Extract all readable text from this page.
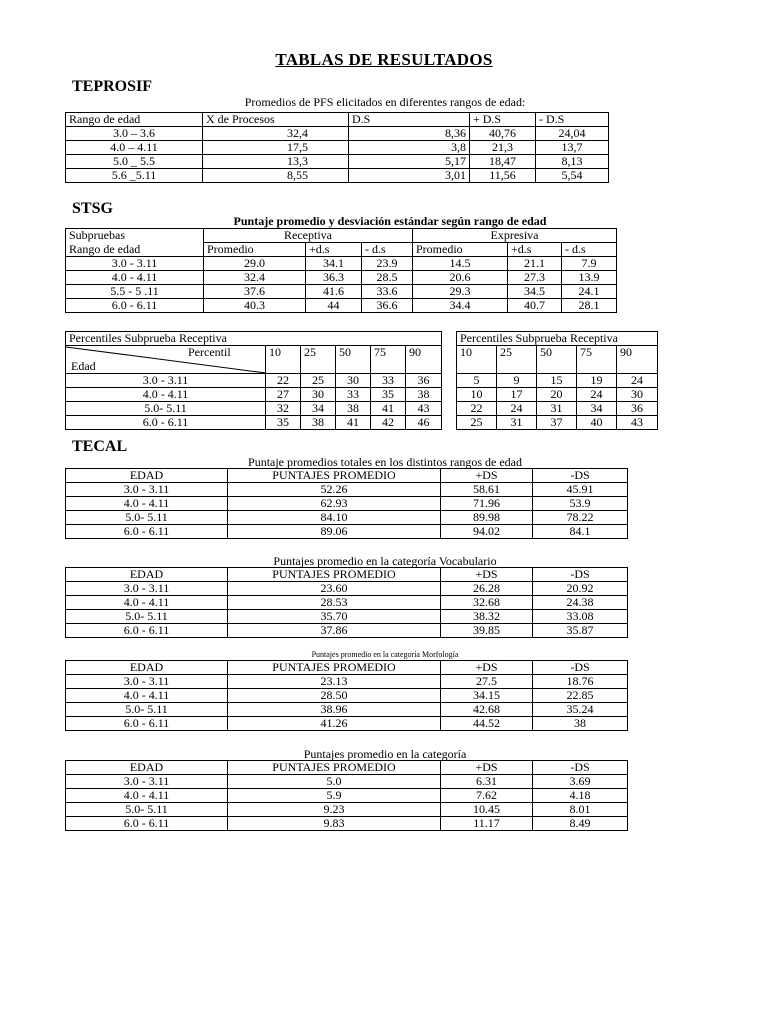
TABLAS DE RESULTADOS
TEPROSIF
Promedios de PFS elicitados en diferentes rangos de edad:
Rango de edad	X de Procesos	D.S	+ D.S	- D.S
3.0 – 3.6	32,4	8,36	40,76	24,04
4.0 – 4.11	17,5	3,8	21,3	13,7
5.0 _ 5.5	13,3	5,17	18,47	8,13
5.6 _5.11	8,55	3,01	11,56	5,54
STSG
Puntaje promedio y desviación estándar según rango de edad
Subpruebas	Receptiva			Expresiva		
Rango de edad	Promedio	+d.s	- d.s	Promedio	+d.s	- d.s
3.0 - 3.11	29.0	34.1	23.9	14.5	21.1	7.9
4.0 - 4.11	32.4	36.3	28.5	20.6	27.3	13.9
5.5 - 5 .11	37.6	41.6	33.6	29.3	34.5	24.1
6.0 - 6.11	40.3	44	36.6	34.4	40.7	28.1
Percentiles Subprueba Receptiva					

Percentil
Edad	10	25	50	75	90
3.0 - 3.11	22	25	30	33	36
4.0 - 4.11	27	30	33	35	38
5.0- 5.11	32	34	38	41	43
6.0 - 6.11	35	38	41	42	46
Percentiles Subprueba Receptiva				
10	25	50	75	90
5	9	15	19	24
10	17	20	24	30
22	24	31	34	36
25	31	37	40	43
TECAL
Puntaje promedios totales en los distintos rangos de edad
EDAD	PUNTAJES PROMEDIO	+DS	-DS
3.0 - 3.11	52.26	58.61	45.91
4.0 - 4.11	62.93	71.96	53.9
5.0- 5.11	84.10	89.98	78.22
6.0 - 6.11	89.06	94.02	84.1
Puntajes promedio en la categoría Vocabulario
EDAD	PUNTAJES PROMEDIO	+DS	-DS
3.0 - 3.11	23.60	26.28	20.92
4.0 - 4.11	28.53	32.68	24.38
5.0- 5.11	35.70	38.32	33.08
6.0 - 6.11	37.86	39.85	35.87
Puntajes promedio en la categoría Morfología
EDAD	PUNTAJES PROMEDIO	+DS	-DS
3.0 - 3.11	23.13	27.5	18.76
4.0 - 4.11	28.50	34.15	22.85
5.0- 5.11	38.96	42.68	35.24
6.0 - 6.11	41.26	44.52	38
Puntajes promedio en la categoría
EDAD	PUNTAJES PROMEDIO	+DS	-DS
3.0 - 3.11	5.0	6.31	3.69
4.0 - 4.11	5.9	7.62	4.18
5.0- 5.11	9.23	10.45	8.01
6.0 - 6.11	9.83	11.17	8.49
